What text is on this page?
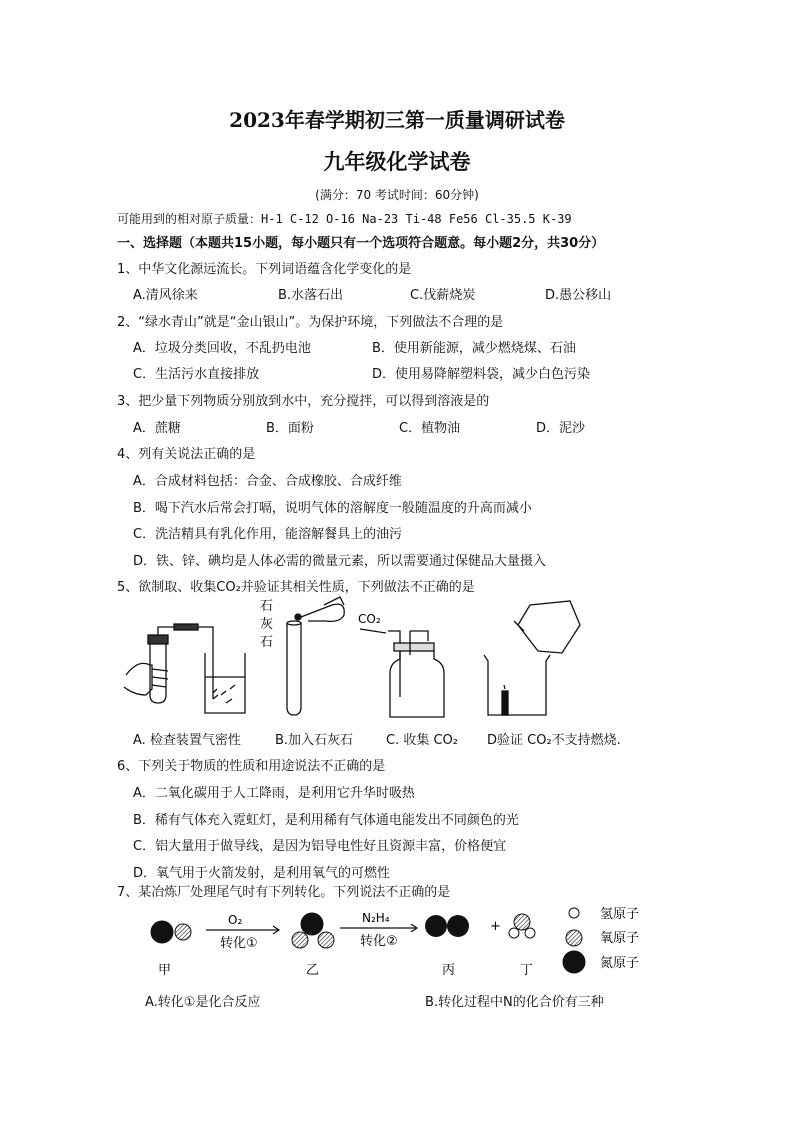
2023年春学期初三第一质量调研试卷
九年级化学试卷
(满分：70 考试时间：60分钟)
可能用到的相对原子质量：H-1 C-12 O-16 Na-23 Ti-48 Fe56 Cl-35.5 K-39
一、选择题（本题共15小题，每小题只有一个选项符合题意。每小题2分，共30分）
1、中华文化源远流长。下列词语蕴含化学变化的是
A.清风徐来	B.水落石出	C.伐薪烧炭	D.愚公移山
2、“绿水青山”就是“金山银山”。为保护环境，下列做法不合理的是
A．垃圾分类回收，不乱扔电池	B．使用新能源，减少燃烧煤、石油
C．生活污水直接排放	D．使用易降解塑料袋，减少白色污染
3、把少量下列物质分别放到水中，充分搅拌，可以得到溶液是的
A．蔗糖	B．面粉	C．植物油	D．泥沙
4、列有关说法正确的是
A．合成材料包括：合金、合成橡胶、合成纤维
B．喝下汽水后常会打嗝，说明气体的溶解度一般随温度的升高而减小
C．洗洁精具有乳化作用，能溶解餐具上的油污
D．铁、锌、碘均是人体必需的微量元素，所以需要通过保健品大量摄入
5、欲制取、收集CO₂并验证其相关性质，下列做法不正确的是
石
灰
石
CO₂
A. 检查装置气密性	B.加入石灰石	C. 收集 CO₂ D验证 CO₂不支持燃烧.
6、下列关于物质的性质和用途说法不正确的是
A．二氧化碳用于人工降雨，是利用它升华时吸热
B．稀有气体充入霓虹灯，是利用稀有气体通电能发出不同颜色的光
C．铝大量用于做导线，是因为铝导电性好且资源丰富，价格便宜
D．氧气用于火箭发射，是利用氧气的可燃性
7、某冶炼厂处理尾气时有下列转化。下列说法不正确的是
O₂
转化①
N₂H₄
转化②
+
氢原子
氧原子
氮原子
甲	乙	丙	丁
A.转化①是化合反应	B.转化过程中N的化合价有三种
